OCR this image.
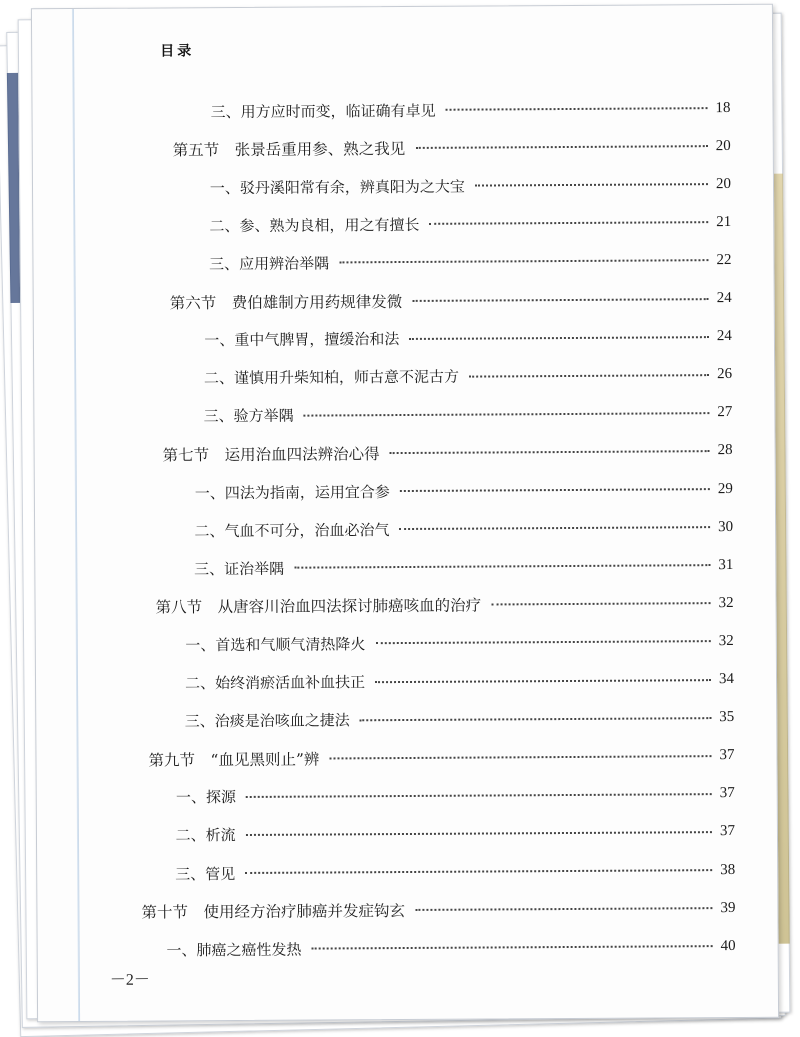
目录
三、用方应时而变，临证确有卓见	18
第五节　张景岳重用参、熟之我见	20
一、驳丹溪阳常有余，辨真阳为之大宝	20
二、参、熟为良相，用之有擅长	21
三、应用辨治举隅	22
第六节　费伯雄制方用药规律发微	24
一、重中气脾胃，擅缓治和法	24
二、谨慎用升柴知柏，师古意不泥古方	26
三、验方举隅	27
第七节　运用治血四法辨治心得	28
一、四法为指南，运用宜合参	29
二、气血不可分，治血必治气	30
三、证治举隅	31
第八节　从唐容川治血四法探讨肺癌咳血的治疗	32
一、首选和气顺气清热降火	32
二、始终消瘀活血补血扶正	34
三、治痰是治咳血之捷法	35
第九节　“血见黑则止”辨	37
一、探源	37
二、析流	37
三、管见	38
第十节　使用经方治疗肺癌并发症钩玄	39
一、肺癌之癌性发热	40
－2－
